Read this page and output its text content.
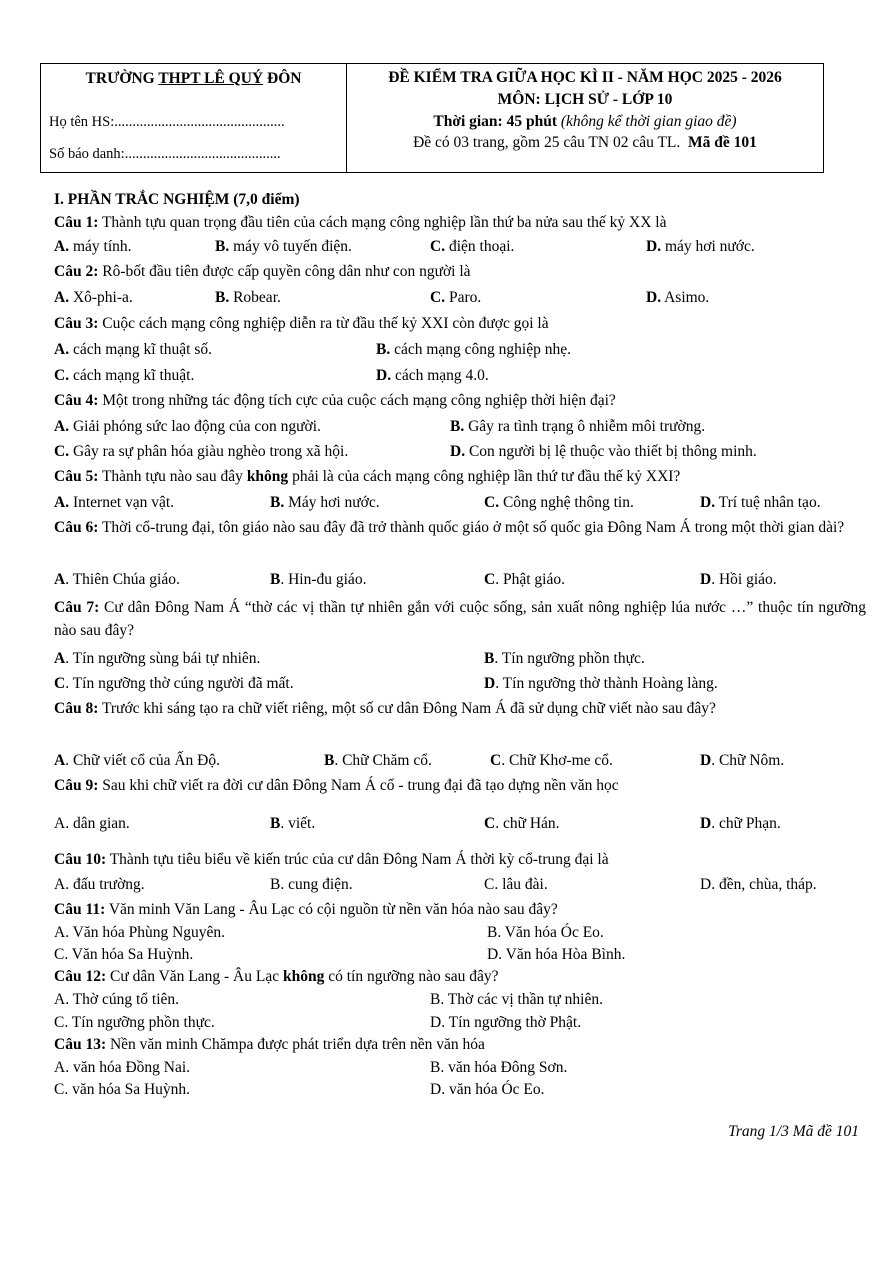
TRƯỜNG THPT LÊ QUÝ ĐÔN
Họ tên HS:...............................................
Số báo danh:...........................................
ĐỀ KIỂM TRA GIỮA HỌC KÌ II - NĂM HỌC 2025 - 2026
MÔN: LỊCH SỬ - LỚP 10
Thời gian: 45 phút (không kể thời gian giao đề)
Đề có 03 trang, gồm 25 câu TN 02 câu TL. Mã đề 101
I. PHẦN TRẮC NGHIỆM (7,0 điểm)
Câu 1: Thành tựu quan trọng đầu tiên của cách mạng công nghiệp lần thứ ba nửa sau thế kỷ XX là
A. máy tính.	B. máy vô tuyến điện.	C. điện thoại.	D. máy hơi nước.
Câu 2: Rô-bốt đầu tiên được cấp quyền công dân như con người là
A. Xô-phi-a.	B. Robear.	C. Paro.	D. Asimo.
Câu 3: Cuộc cách mạng công nghiệp diễn ra từ đầu thế kỷ XXI còn được gọi là
A. cách mạng kĩ thuật số.	B. cách mạng công nghiệp nhẹ.
C. cách mạng kĩ thuật.	D. cách mạng 4.0.
Câu 4: Một trong những tác động tích cực của cuộc cách mạng công nghiệp thời hiện đại?
A. Giải phóng sức lao động của con người.	B. Gây ra tình trạng ô nhiễm môi trường.
C. Gây ra sự phân hóa giàu nghèo trong xã hội.	D. Con người bị lệ thuộc vào thiết bị thông minh.
Câu 5: Thành tựu nào sau đây không phải là của cách mạng công nghiệp lần thứ tư đầu thế kỷ XXI?
A. Internet vạn vật.	B. Máy hơi nước.	C. Công nghệ thông tin.	D. Trí tuệ nhân tạo.
Câu 6: Thời cổ-trung đại, tôn giáo nào sau đây đã trở thành quốc giáo ở một số quốc gia Đông Nam Á trong một thời gian dài?
A. Thiên Chúa giáo.	B. Hin-đu giáo.	C. Phật giáo.	D. Hồi giáo.
Câu 7: Cư dân Đông Nam Á “thờ các vị thần tự nhiên gắn với cuộc sống, sản xuất nông nghiệp lúa nước …” thuộc tín ngưỡng nào sau đây?
A. Tín ngưỡng sùng bái tự nhiên.	B. Tín ngưỡng phồn thực.
C. Tín ngưỡng thờ cúng người đã mất.	D. Tín ngưỡng thờ thành Hoàng làng.
Câu 8: Trước khi sáng tạo ra chữ viết riêng, một số cư dân Đông Nam Á đã sử dụng chữ viết nào sau đây?
A. Chữ viết cổ của Ấn Độ.	B. Chữ Chăm cổ.	C. Chữ Khơ-me cổ.	D. Chữ Nôm.
Câu 9: Sau khi chữ viết ra đời cư dân Đông Nam Á cổ - trung đại đã tạo dựng nền văn học
A. dân gian.	B. viết.	C. chữ Hán.	D. chữ Phạn.
Câu 10: Thành tựu tiêu biểu về kiến trúc của cư dân Đông Nam Á thời kỳ cổ-trung đại là
A. đấu trường.	B. cung điện.	C. lâu đài.	D. đền, chùa, tháp.
Câu 11: Văn minh Văn Lang - Âu Lạc có cội nguồn từ nền văn hóa nào sau đây?
A. Văn hóa Phùng Nguyên.	B. Văn hóa Óc Eo.
C. Văn hóa Sa Huỳnh.	D. Văn hóa Hòa Bình.
Câu 12: Cư dân Văn Lang - Âu Lạc không có tín ngưỡng nào sau đây?
A. Thờ cúng tổ tiên.	B. Thờ các vị thần tự nhiên.
C. Tín ngưỡng phồn thực.	D. Tín ngưỡng thờ Phật.
Câu 13: Nền văn minh Chămpa được phát triển dựa trên nền văn hóa
A. văn hóa Đồng Nai.	B. văn hóa Đông Sơn.
C. văn hóa Sa Huỳnh.	D. văn hóa Óc Eo.
Trang 1/3 Mã đề 101
